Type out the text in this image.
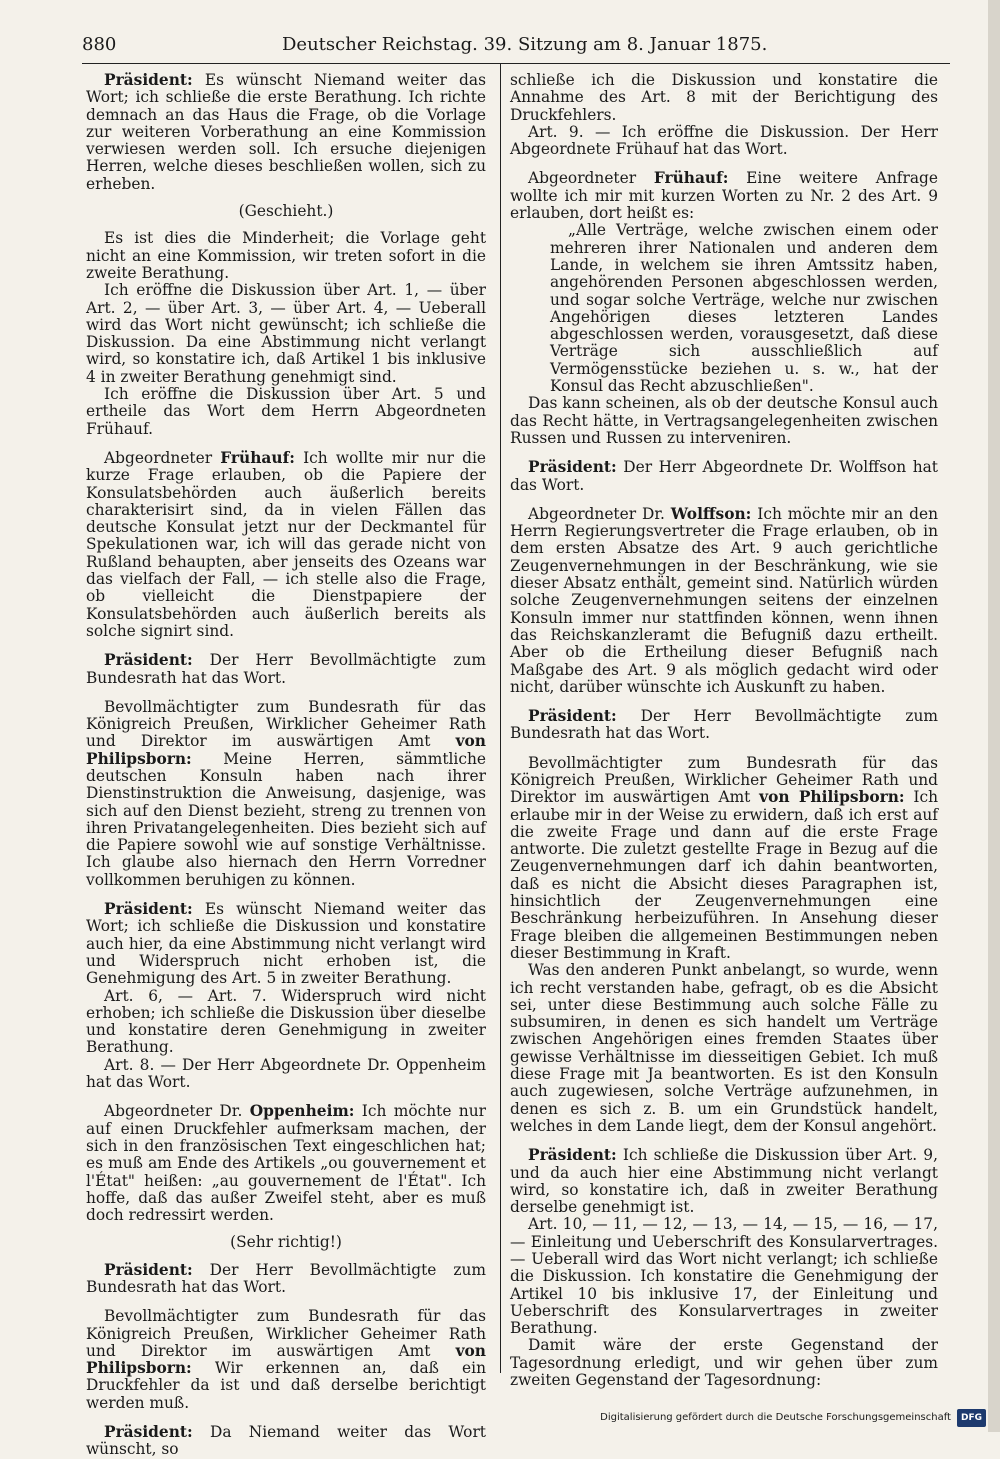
880	Deutscher Reichstag. 39. Sitzung am 8. Januar 1875.

Präsident: Es wünscht Niemand weiter das Wort; ich schließe die erste Berathung. Ich richte demnach an das Haus die Frage, ob die Vorlage zur weiteren Vorberathung an eine Kommission verwiesen werden soll. Ich ersuche diejenigen Herren, welche dieses beschließen wollen, sich zu erheben.

(Geschieht.)

Es ist dies die Minderheit; die Vorlage geht nicht an eine Kommission, wir treten sofort in die zweite Berathung.

Ich eröffne die Diskussion über Art. 1, — über Art. 2, — über Art. 3, — über Art. 4, — Ueberall wird das Wort nicht gewünscht; ich schließe die Diskussion. Da eine Abstimmung nicht verlangt wird, so konstatire ich, daß Artikel 1 bis inklusive 4 in zweiter Berathung genehmigt sind.

Ich eröffne die Diskussion über Art. 5 und ertheile das Wort dem Herrn Abgeordneten Frühauf.

Abgeordneter Frühauf: Ich wollte mir nur die kurze Frage erlauben, ob die Papiere der Konsulatsbehörden auch äußerlich bereits charakterisirt sind, da in vielen Fällen das deutsche Konsulat jetzt nur der Deckmantel für Spekulationen war, ich will das gerade nicht von Rußland behaupten, aber jenseits des Ozeans war das vielfach der Fall, — ich stelle also die Frage, ob vielleicht die Dienstpapiere der Konsulatsbehörden auch äußerlich bereits als solche signirt sind.

Präsident: Der Herr Bevollmächtigte zum Bundesrath hat das Wort.

Bevollmächtigter zum Bundesrath für das Königreich Preußen, Wirklicher Geheimer Rath und Direktor im auswärtigen Amt von Philipsborn: Meine Herren, sämmtliche deutschen Konsuln haben nach ihrer Dienstinstruktion die Anweisung, dasjenige, was sich auf den Dienst bezieht, streng zu trennen von ihren Privatangelegenheiten. Dies bezieht sich auf die Papiere sowohl wie auf sonstige Verhältnisse. Ich glaube also hiernach den Herrn Vorredner vollkommen beruhigen zu können.

Präsident: Es wünscht Niemand weiter das Wort; ich schließe die Diskussion und konstatire auch hier, da eine Abstimmung nicht verlangt wird und Widerspruch nicht erhoben ist, die Genehmigung des Art. 5 in zweiter Berathung.

Art. 6, — Art. 7. Widerspruch wird nicht erhoben; ich schließe die Diskussion über dieselbe und konstatire deren Genehmigung in zweiter Berathung.

Art. 8. — Der Herr Abgeordnete Dr. Oppenheim hat das Wort.

Abgeordneter Dr. Oppenheim: Ich möchte nur auf einen Druckfehler aufmerksam machen, der sich in den französischen Text eingeschlichen hat; es muß am Ende des Artikels „ou gouvernement et l'État" heißen: „au gouvernement de l'État". Ich hoffe, daß das außer Zweifel steht, aber es muß doch redressirt werden.

(Sehr richtig!)

Präsident: Der Herr Bevollmächtigte zum Bundesrath hat das Wort.

Bevollmächtigter zum Bundesrath für das Königreich Preußen, Wirklicher Geheimer Rath und Direktor im auswärtigen Amt von Philipsborn: Wir erkennen an, daß ein Druckfehler da ist und daß derselbe berichtigt werden muß.

Präsident: Da Niemand weiter das Wort wünscht, so

schließe ich die Diskussion und konstatire die Annahme des Art. 8 mit der Berichtigung des Druckfehlers.

Art. 9. — Ich eröffne die Diskussion. Der Herr Abgeordnete Frühauf hat das Wort.

Abgeordneter Frühauf: Eine weitere Anfrage wollte ich mir mit kurzen Worten zu Nr. 2 des Art. 9 erlauben, dort heißt es:

„Alle Verträge, welche zwischen einem oder mehreren ihrer Nationalen und anderen dem Lande, in welchem sie ihren Amtssitz haben, angehörenden Personen abgeschlossen werden, und sogar solche Verträge, welche nur zwischen Angehörigen dieses letzteren Landes abgeschlossen werden, vorausgesetzt, daß diese Verträge sich ausschließlich auf Vermögensstücke beziehen u. s. w., hat der Konsul das Recht abzuschließen".

Das kann scheinen, als ob der deutsche Konsul auch das Recht hätte, in Vertragsangelegenheiten zwischen Russen und Russen zu interveniren.

Präsident: Der Herr Abgeordnete Dr. Wolffson hat das Wort.

Abgeordneter Dr. Wolffson: Ich möchte mir an den Herrn Regierungsvertreter die Frage erlauben, ob in dem ersten Absatze des Art. 9 auch gerichtliche Zeugenvernehmungen in der Beschränkung, wie sie dieser Absatz enthält, gemeint sind. Natürlich würden solche Zeugenvernehmungen seitens der einzelnen Konsuln immer nur stattfinden können, wenn ihnen das Reichskanzleramt die Befugniß dazu ertheilt. Aber ob die Ertheilung dieser Befugniß nach Maßgabe des Art. 9 als möglich gedacht wird oder nicht, darüber wünschte ich Auskunft zu haben.

Präsident: Der Herr Bevollmächtigte zum Bundesrath hat das Wort.

Bevollmächtigter zum Bundesrath für das Königreich Preußen, Wirklicher Geheimer Rath und Direktor im auswärtigen Amt von Philipsborn: Ich erlaube mir in der Weise zu erwidern, daß ich erst auf die zweite Frage und dann auf die erste Frage antworte. Die zuletzt gestellte Frage in Bezug auf die Zeugenvernehmungen darf ich dahin beantworten, daß es nicht die Absicht dieses Paragraphen ist, hinsichtlich der Zeugenvernehmungen eine Beschränkung herbeizuführen. In Ansehung dieser Frage bleiben die allgemeinen Bestimmungen neben dieser Bestimmung in Kraft.

Was den anderen Punkt anbelangt, so wurde, wenn ich recht verstanden habe, gefragt, ob es die Absicht sei, unter diese Bestimmung auch solche Fälle zu subsumiren, in denen es sich handelt um Verträge zwischen Angehörigen eines fremden Staates über gewisse Verhältnisse im diesseitigen Gebiet. Ich muß diese Frage mit Ja beantworten. Es ist den Konsuln auch zugewiesen, solche Verträge aufzunehmen, in denen es sich z. B. um ein Grundstück handelt, welches in dem Lande liegt, dem der Konsul angehört.

Präsident: Ich schließe die Diskussion über Art. 9, und da auch hier eine Abstimmung nicht verlangt wird, so konstatire ich, daß in zweiter Berathung derselbe genehmigt ist.

Art. 10, — 11, — 12, — 13, — 14, — 15, — 16, — 17, — Einleitung und Ueberschrift des Konsularvertrages. — Ueberall wird das Wort nicht verlangt; ich schließe die Diskussion. Ich konstatire die Genehmigung der Artikel 10 bis inklusive 17, der Einleitung und Ueberschrift des Konsularvertrages in zweiter Berathung.

Damit wäre der erste Gegenstand der Tagesordnung erledigt, und wir gehen über zum zweiten Gegenstand der Tagesordnung:

Digitalisierung gefördert durch die Deutsche Forschungsgemeinschaft	DFG
